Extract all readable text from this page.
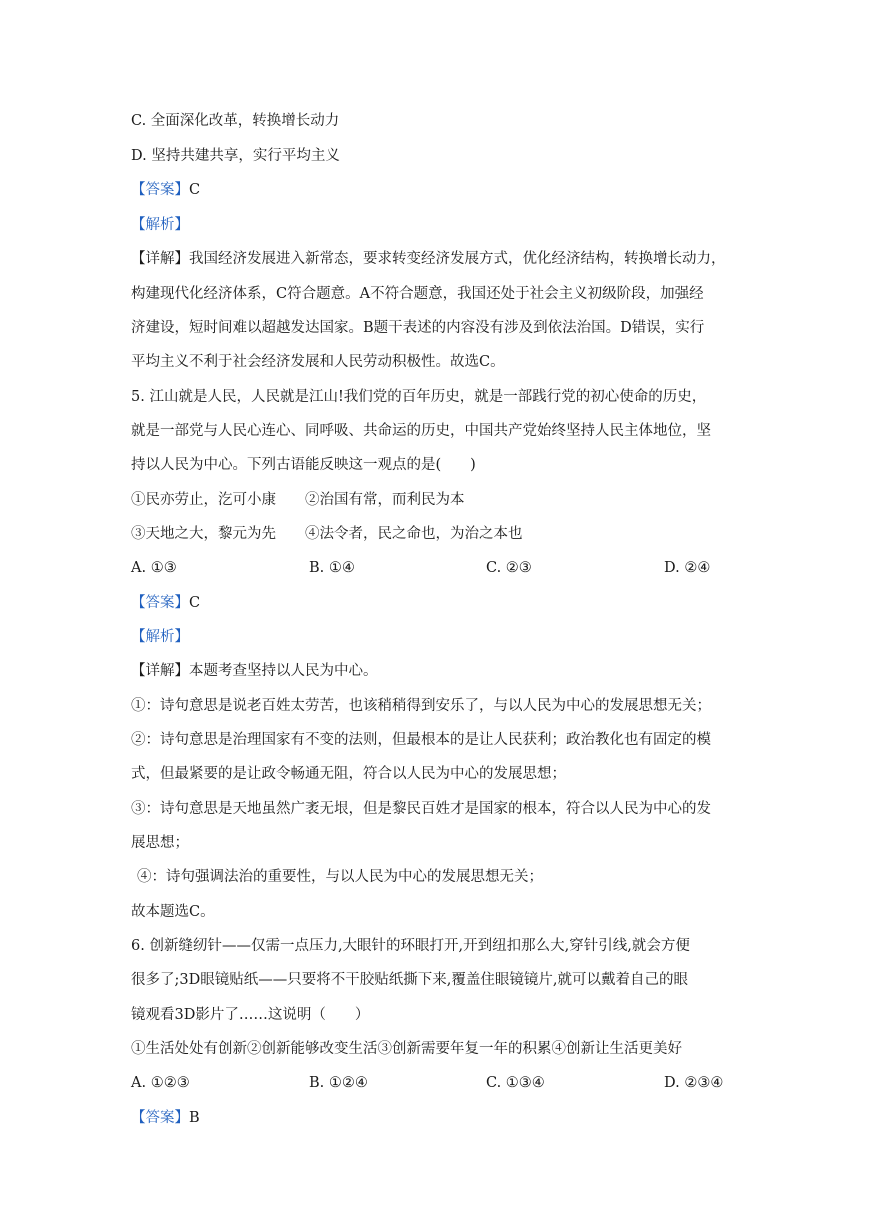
C. 全面深化改革，转换增长动力
D. 坚持共建共享，实行平均主义
【答案】C
【解析】
【详解】我国经济发展进入新常态，要求转变经济发展方式，优化经济结构，转换增长动力，
构建现代化经济体系，C符合题意。A不符合题意，我国还处于社会主义初级阶段，加强经
济建设，短时间难以超越发达国家。B题干表述的内容没有涉及到依法治国。D错误，实行
平均主义不利于社会经济发展和人民劳动积极性。故选C。
5. 江山就是人民，人民就是江山!我们党的百年历史，就是一部践行党的初心使命的历史，
就是一部党与人民心连心、同呼吸、共命运的历史，中国共产党始终坚持人民主体地位，坚
持以人民为中心。下列古语能反映这一观点的是(　　)
①民亦劳止，汔可小康　　②治国有常，而利民为本
③天地之大，黎元为先　　④法令者，民之命也，为治之本也
A. ①③	B. ①④	C. ②③	D. ②④
【答案】C
【解析】
【详解】本题考查坚持以人民为中心。
①：诗句意思是说老百姓太劳苦，也该稍稍得到安乐了，与以人民为中心的发展思想无关；
②：诗句意思是治理国家有不变的法则，但最根本的是让人民获利；政治教化也有固定的模
式，但最紧要的是让政令畅通无阻，符合以人民为中心的发展思想；
③：诗句意思是天地虽然广袤无垠，但是黎民百姓才是国家的根本，符合以人民为中心的发
展思想；
④：诗句强调法治的重要性，与以人民为中心的发展思想无关；
故本题选C。
6. 创新缝纫针——仅需一点压力,大眼针的环眼打开,开到纽扣那么大,穿针引线,就会方便
很多了;3D眼镜贴纸——只要将不干胶贴纸撕下来,覆盖住眼镜镜片,就可以戴着自己的眼
镜观看3D影片了……这说明（　　）
①生活处处有创新②创新能够改变生活③创新需要年复一年的积累④创新让生活更美好
A. ①②③	B. ①②④	C. ①③④	D. ②③④
【答案】B
